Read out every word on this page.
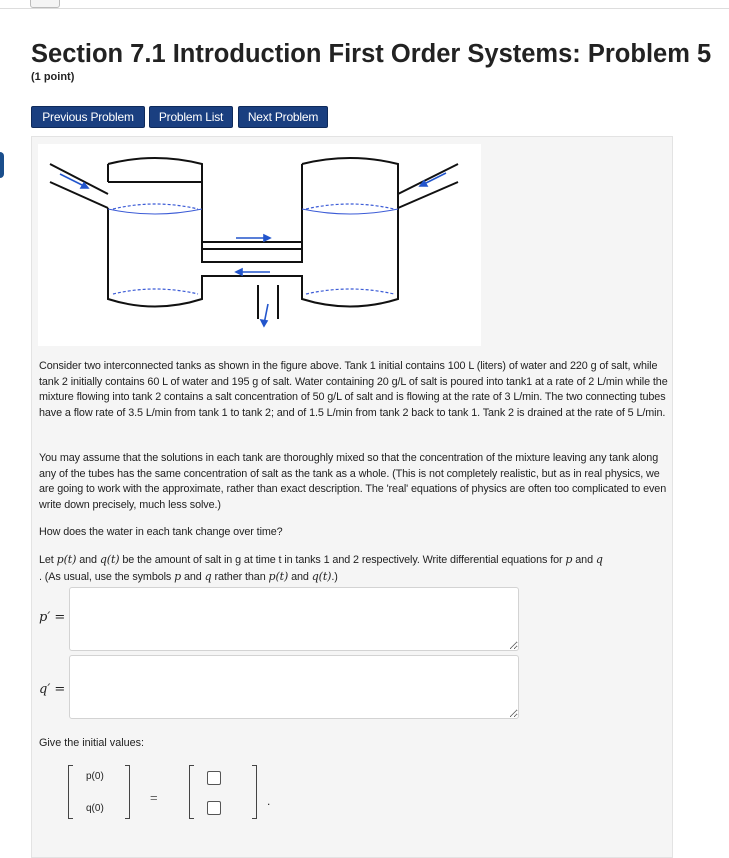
Section 7.1 Introduction First Order Systems: Problem 5
(1 point)
Previous Problem	Problem List	Next Problem

Consider two interconnected tanks as shown in the figure above. Tank 1 initial contains 100 L (liters) of water and 220 g of salt, while tank 2 initially contains 60 L of water and 195 g of salt. Water containing 20 g/L of salt is poured into tank1 at a rate of 2 L/min while the mixture flowing into tank 2 contains a salt concentration of 50 g/L of salt and is flowing at the rate of 3 L/min. The two connecting tubes have a flow rate of 3.5 L/min from tank 1 to tank 2; and of 1.5 L/min from tank 2 back to tank 1. Tank 2 is drained at the rate of 5 L/min.

You may assume that the solutions in each tank are thoroughly mixed so that the concentration of the mixture leaving any tank along any of the tubes has the same concentration of salt as the tank as a whole. (This is not completely realistic, but as in real physics, we are going to work with the approximate, rather than exact description. The 'real' equations of physics are often too complicated to even write down precisely, much less solve.)

How does the water in each tank change over time?

Let p(t) and q(t) be the amount of salt in g at time t in tanks 1 and 2 respectively. Write differential equations for p and q
. (As usual, use the symbols p and q rather than p(t) and q(t).)

p′ =
q′ =
Give the initial values:
p(0)
q(0)
=	.
